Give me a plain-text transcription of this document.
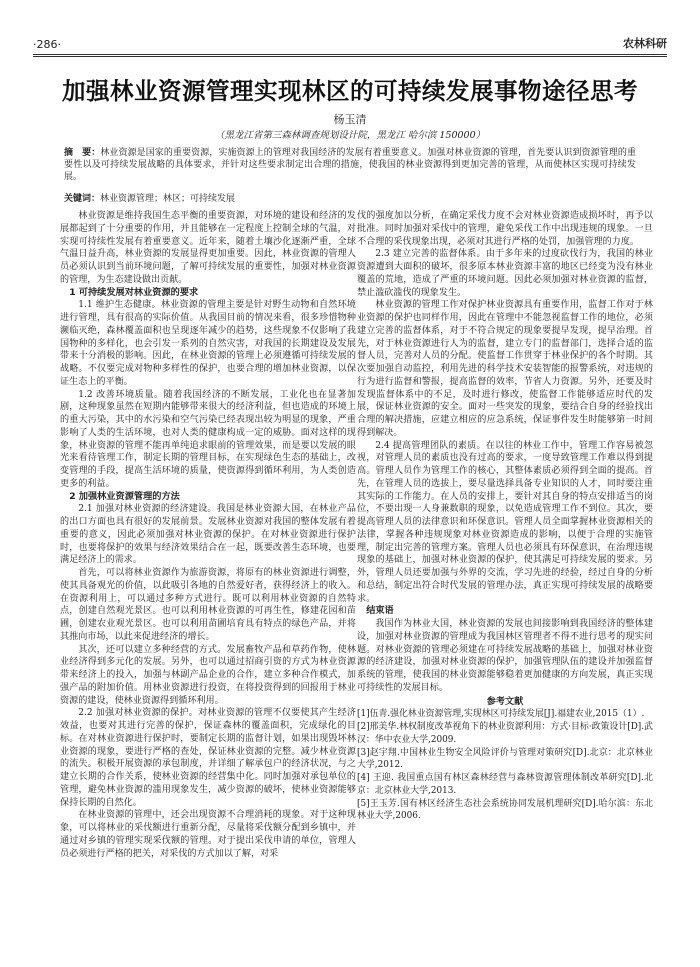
·286·	农林科研
加强林业资源管理实现林区的可持续发展事物途径思考
杨玉清
（黑龙江省第三森林调查规划设计院，黑龙江 哈尔滨 150000）
摘　要：林业资源是国家的重要资源，实施资源上的管理对我国经济的发展有着重要意义。加强对林业资源的管理，首先要认识到资源管理的重要性以及可持续发展战略的具体要求，并针对这些要求制定出合理的措施，使我国的林业资源得到更加完善的管理，从而使林区实现可持续发展。
关键词：林业资源管理；林区；可持续发展

林业资源是维持我国生态平衡的重要资源，对环境的建设和经济的发展都起到了十分重要的作用，并且能够在一定程度上控制全球的气温，对实现可持续性发展有着重要意义。近年来，随着土壤沙化逐渐严重，全球气温日益升高，林业资源的发展显得更加重要。因此，林业资源的管理人员必须认识到当前环境问题，了解可持续发展的重要性，加强对林业资源的管理，为生态建设做出贡献。

1 可持续发展对林业资源的要求

1.1 维护生态健康。林业资源的管理主要是针对野生动物和自然环境进行管理，具有很高的实际价值。从我国目前的情况来看，很多珍惜物种濒临灭绝，森林覆盖面积也呈现逐年减少的趋势，这些现象不仅影响了我国物种的多样化，也会引发一系列的自然灾害，对我国的长期建设及发展带来十分消极的影响。因此，在林业资源的管理上必须遵循可持续发展的战略。不仅要完成对物种多样性的保护，也要合理的增加林业资源，以保证生态上的平衡。

1.2 改善环境质量。随着我国经济的不断发展，工业化也在显著加剧，这种现象虽然在短期内能够带来很大的经济利益，但也造成的环境上的重大污染，其中的水污染和空气污染已经表现出较为明显的现象，严重影响了人类的生活环境，也对人类的健康构成一定的威胁。面对这样的现象，林业资源的管理不能再单纯追求眼前的管理效果，而是要以发展的眼光来看待管理工作，制定长期的管理目标，在实现绿色生态的基础上，改变管理的手段，提高生活环境的质量，使资源得到循环利用，为人类创造更多的利益。

2 加强林业资源管理的方法

2.1 加强对林业资源的经济建设。我国是林业资源大国，在林业产品的出口方面也具有很好的发展前景。发展林业资源对我国的整体发展有着重要的意义，因此必须加强对林业资源的保护。在对林业资源进行保护时，也要将保护的效果与经济效果结合在一起，既要改善生态环境，也要满足经济上的需求。

首先，可以将林业资源作为旅游资源，将原有的林业资源进行调整，使其具备观光的价值，以此吸引各地的自然爱好者，获得经济上的收入。在资源利用上，可以通过多种方式进行。既可以利用林业资源的自然特点，创建自然观光景区。也可以利用林业资源的可再生性，修建花园和苗圃，创建农业观光景区。也可以利用苗圃培育具有特点的绿色产品，并将其推向市场，以此来促进经济的增长。

其次，还可以建立多种经营的方式。发展畜牧产品和草药作物，使林业经济得到多元化的发展。另外，也可以通过招商引资的方式为林业资源带来经济上的投入，加强与林副产品企业的合作，建立多种合作模式，加强产品的附加价值。用林业资源进行投资，在将投资得到的回报用于林业资源的建设，使林业资源得到循环利用。

2.2 加强对林业资源的保护。对林业资源的管理不仅要使其产生经济效益，也要对其进行完善的保护，保证森林的覆盖面积，完成绿化的目标。在对林业资源进行保护时，要制定长期的监督计划，如果出现毁坏林业资源的现象，要进行严格的查处，保证林业资源的完整。减少林业资源的流失。积极开展资源的承包制度，并详细了解承包户的经济状况，与之建立长期的合作关系，使林业资源的经营集中化。同时加强对承包单位的管理，避免林业资源的滥用现象发生，减少资源的破坏，使林业资源能够保持长期的自然化。

在林业资源的管理中，还会出现资源不合理消耗的现象。对于这种现象，可以将林业的采伐额进行重新分配，尽量将采伐额分配到乡镇中，并通过对乡镇的管理实现采伐额的管理。对于提出采伐申请的单位，管理人员必须进行严格的把关，对采伐的方式加以了解，对采

伐的强度加以分析，在确定采伐力度不会对林业资源造成损坏时，再予以批准。同时加强对采伐中的管理，避免采伐工作中出现违规的现象。一旦不合理的采伐现象出现，必须对其进行严格的处罚，加强管理的力度。

2.3 建立完善的监督体系。由于多年来的过度砍伐行为，我国的林业资源遭到大面积的破坏，很多原本林业资源丰富的地区已经变为没有林业覆盖的荒地，造成了严重的环境问题。因此必须加强对林业资源的监督，禁止滥砍滥伐的现象发生。

林业资源的管理工作对保护林业资源具有重要作用，监督工作对于林业资源的保护也同样作用，因此在管理中不能忽视监督工作的地位，必须建立完善的监督体系，对于不符合规定的现象要提早发现，提早治理。首先，对于林业资源进行人为的监督，建立专门的监督部门，选择合适的监督人员，完善对人员的分配。使监督工作贯穿于林业保护的各个时期。其次要加强自动监控，利用先进的科学技术安装智能的报警系统，对违规的行为进行监督和警报，提高监督的效率，节省人力资源。另外，还要及时发现监督体系中的不足，及时进行修改，使监督工作能够适应时代的发展，保证林业资源的安全。面对一些突发的现象，要结合自身的经验找出合理的解决措施，应建立相应的应急系统，保证事件发生时能够第一时间得到解决。

2.4 提高管理团队的素质。在以往的林业工作中，管理工作容易被忽视，对管理人员的素质也没有过高的要求，一度导致管理工作难以得到提高。管理人员作为管理工作的核心，其整体素质必须得到全面的提高。首先，在管理人员的选拔上，要尽量选择具备专业知识的人才，同时要注重其实际的工作能力。在人员的安排上，要针对其自身的特点安排适当的岗位，不要出现一人身兼数职的现象，以免造成管理工作不到位。其次，要提高管理人员的法律意识和环保意识。管理人员全面掌握林业资源相关的法律，掌握各种违规现象对林业资源造成的影响，以便于合理的实施管理，制定出完善的管理方案。管理人员也必须具有环保意识，在治理违规现象的基础上，加强对林业资源的保护，使其满足可持续发展的要求。另外，管理人员还要加强与外界的交流，学习先进的经验，经过自身的分析和总结，制定出符合时代发展的管理办法，真正实现可持续发展的战略要求。

结束语

我国作为林业大国，林业资源的发展也间接影响到我国经济的整体建设，加强对林业资源的管理成为我国林区管理者不得不进行思考的现实问题。对林业资源的管理必须建在可持续发展战略的基础上，加强对林业资源的经济建设，加强对林业资源的保护，加强管理队伍的建设并加强监督系统的管理，使我国的林业资源能够稳着更加健康的方向发展，真正实现可持续性的发展目标。

参考文献

[1]伍青.强化林业资源管理,实现林区可持续发展[J].福建农业,2015（1）.

[2]邢美华.林权制度改革视角下的林业资源利用：方式·目标·政策设计[D].武汉：华中农业大学,2009.

[3]赵宇翔.中国林业生物安全风险评价与管理对策研究[D].北京：北京林业大学,2012.

[4] 王迎. 我国重点国有林区森林经营与森林资源管理体制改革研究[D].北京：北京林业大学,2013.

[5]王玉芳.国有林区经济生态社会系统协同发展机理研究[D].哈尔滨：东北林业大学,2006.
